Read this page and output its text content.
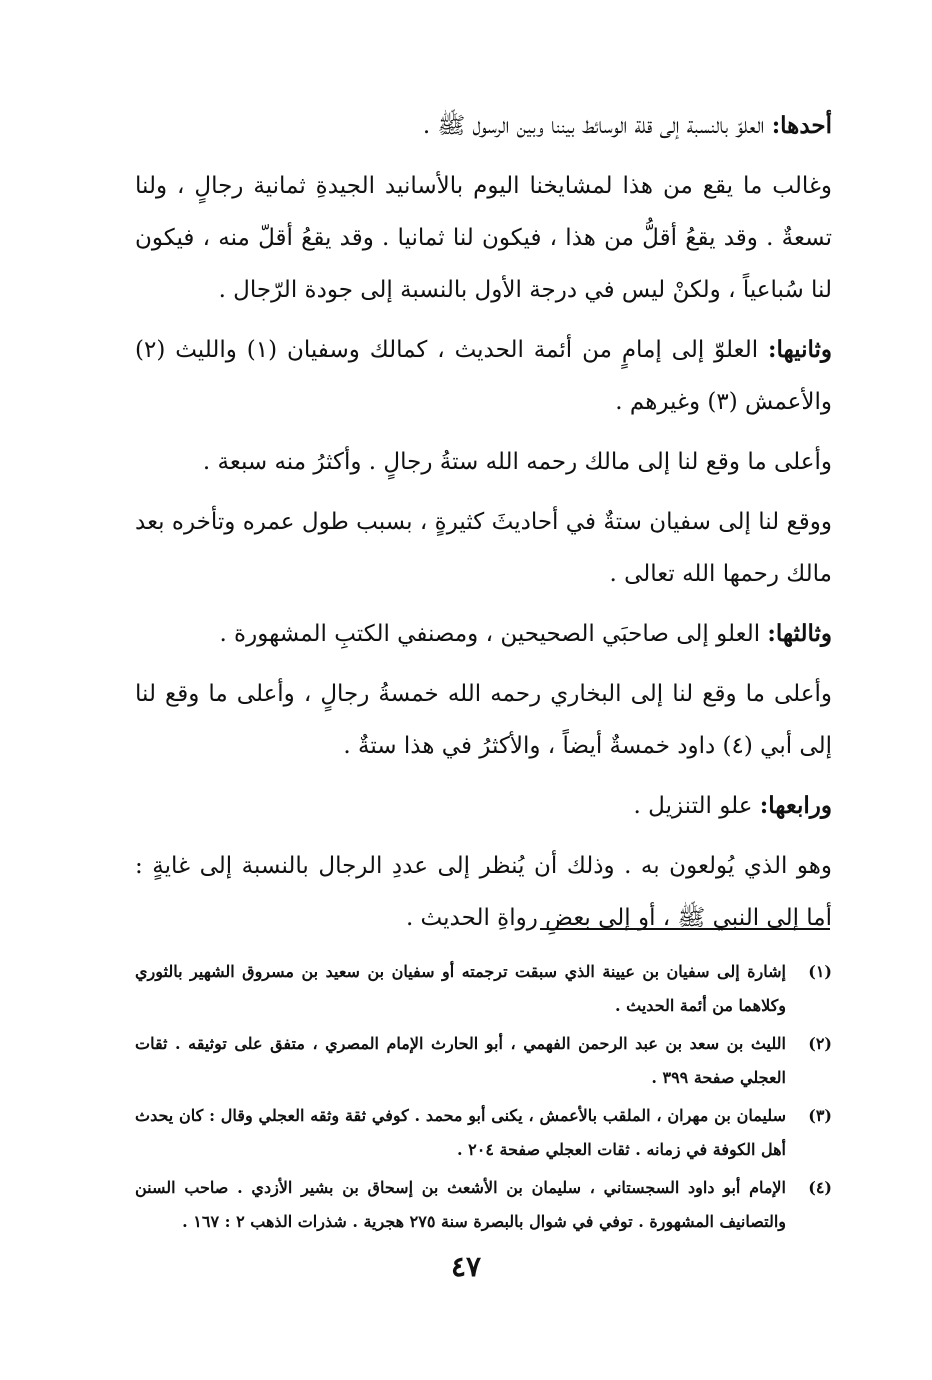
أحدها: العلوّ بالنسبة إلى قلة الوسائط بيننا وبين الرسول ﷺ .

وغالب ما يقع من هذا لمشايخنا اليوم بالأسانيد الجيدةِ ثمانية رجالٍ ، ولنا تسعةٌ . وقد يقعُ أقلُّ من هذا ، فيكون لنا ثمانيا . وقد يقعُ أقلّ منه ، فيكون لنا سُباعياً ، ولكنْ ليس في درجة الأول بالنسبة إلى جودة الرّجال .

وثانيها: العلوّ إلى إمامٍ من أئمة الحديث ، كمالك وسفيان (١) والليث (٢) والأعمش (٣) وغيرهم .

وأعلى ما وقع لنا إلى مالك رحمه الله ستةُ رجالٍ . وأكثرُ منه سبعة .

ووقع لنا إلى سفيان ستةٌ في أحاديثَ كثيرةٍ ، بسبب طول عمره وتأخره بعد مالك رحمها الله تعالى .

وثالثها: العلو إلى صاحبَي الصحيحين ، ومصنفي الكتبِ المشهورة .

وأعلى ما وقع لنا إلى البخاري رحمه الله خمسةُ رجالٍ ، وأعلى ما وقع لنا إلى أبي (٤) داود خمسةٌ أيضاً ، والأكثرُ في هذا ستةٌ .

ورابعها: علو التنزيل .

وهو الذي يُولعون به . وذلك أن يُنظر إلى عددِ الرجال بالنسبة إلى غايةٍ : أما إلى النبي ﷺ ، أو إلى بعضِ رواةِ الحديث .

(١)
إشارة إلى سفيان بن عيينة الذي سبقت ترجمته أو سفيان بن سعيد بن مسروق الشهير بالثوري وكلاهما من أئمة الحديث .
(٢)
الليث بن سعد بن عبد الرحمن الفهمي ، أبو الحارث الإمام المصري ، متفق على توثيقه . ثقات العجلي صفحة ٣٩٩ .
(٣)
سليمان بن مهران ، الملقب بالأعمش ، يكنى أبو محمد . كوفي ثقة وثقه العجلي وقال : كان يحدث أهل الكوفة في زمانه . ثقات العجلي صفحة ٢٠٤ .
(٤)
الإمام أبو داود السجستاني ، سليمان بن الأشعث بن إسحاق بن بشير الأزدي . صاحب السنن والتصانيف المشهورة . توفي في شوال بالبصرة سنة ٢٧٥ هجرية . شذرات الذهب ٢ : ١٦٧ .
٤٧
